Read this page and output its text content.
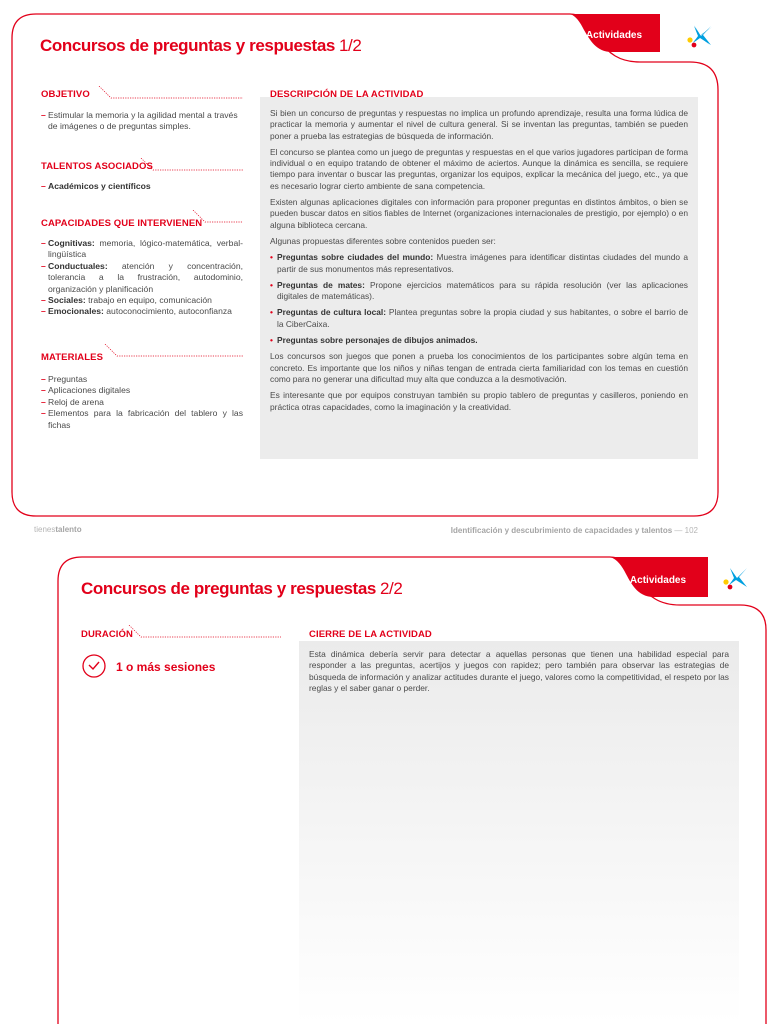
Concursos de preguntas y respuestas 1/2
Actividades
OBJETIVO
– Estimular la memoria y la agilidad mental a través de imágenes o de preguntas simples.
TALENTOS ASOCIADOS
– Académicos y científicos
CAPACIDADES QUE INTERVIENEN
– Cognitivas: memoria, lógico-matemática, verbal-lingüística
– Conductuales: atención y concentración, tolerancia a la frustración, autodominio, organización y planificación
– Sociales: trabajo en equipo, comunicación
– Emocionales: autoconocimiento, autoconfianza
MATERIALES
– Preguntas
– Aplicaciones digitales
– Reloj de arena
– Elementos para la fabricación del tablero y las fichas
DESCRIPCIÓN DE LA ACTIVIDAD

Si bien un concurso de preguntas y respuestas no implica un profundo aprendizaje, resulta una forma lúdica de practicar la memoria y aumentar el nivel de cultura general. Si se inventan las preguntas, también se pueden poner a prueba las estrategias de búsqueda de información.

El concurso se plantea como un juego de preguntas y respuestas en el que varios jugadores participan de forma individual o en equipo tratando de obtener el máximo de aciertos. Aunque la dinámica es sencilla, se requiere tiempo para inventar o buscar las preguntas, organizar los equipos, explicar la mecánica del juego, etc., ya que es necesario lograr cierto ambiente de sana competencia.

Existen algunas aplicaciones digitales con información para proponer preguntas en distintos ámbitos, o bien se pueden buscar datos en sitios fiables de Internet (organizaciones internacionales de prestigio, por ejemplo) o en alguna biblioteca cercana.

Algunas propuestas diferentes sobre contenidos pueden ser:

• Preguntas sobre ciudades del mundo: Muestra imágenes para identificar distintas ciudades del mundo a partir de sus monumentos más representativos.
• Preguntas de mates: Propone ejercicios matemáticos para su rápida resolución (ver las aplicaciones digitales de matemáticas).
• Preguntas de cultura local: Plantea preguntas sobre la propia ciudad y sus habitantes, o sobre el barrio de la CiberCaixa.
• Preguntas sobre personajes de dibujos animados.

Los concursos son juegos que ponen a prueba los conocimientos de los participantes sobre algún tema en concreto. Es importante que los niños y niñas tengan de entrada cierta familiaridad con los temas en cuestión como para no generar una dificultad muy alta que conduzca a la desmotivación.

Es interesante que por equipos construyan también su propio tablero de preguntas y casilleros, poniendo en práctica otras capacidades, como la imaginación y la creatividad.

tienestalento	Identificación y descubrimiento de capacidades y talentos — 102
Concursos de preguntas y respuestas 2/2	Actividades
DURACIÓN
1 o más sesiones
CIERRE DE LA ACTIVIDAD

Esta dinámica debería servir para detectar a aquellas personas que tienen una habilidad especial para responder a las preguntas, acertijos y juegos con rapidez; pero también para observar las estrategias de búsqueda de información y analizar actitudes durante el juego, valores como la competitividad, el respeto por las reglas y el saber ganar o perder.
